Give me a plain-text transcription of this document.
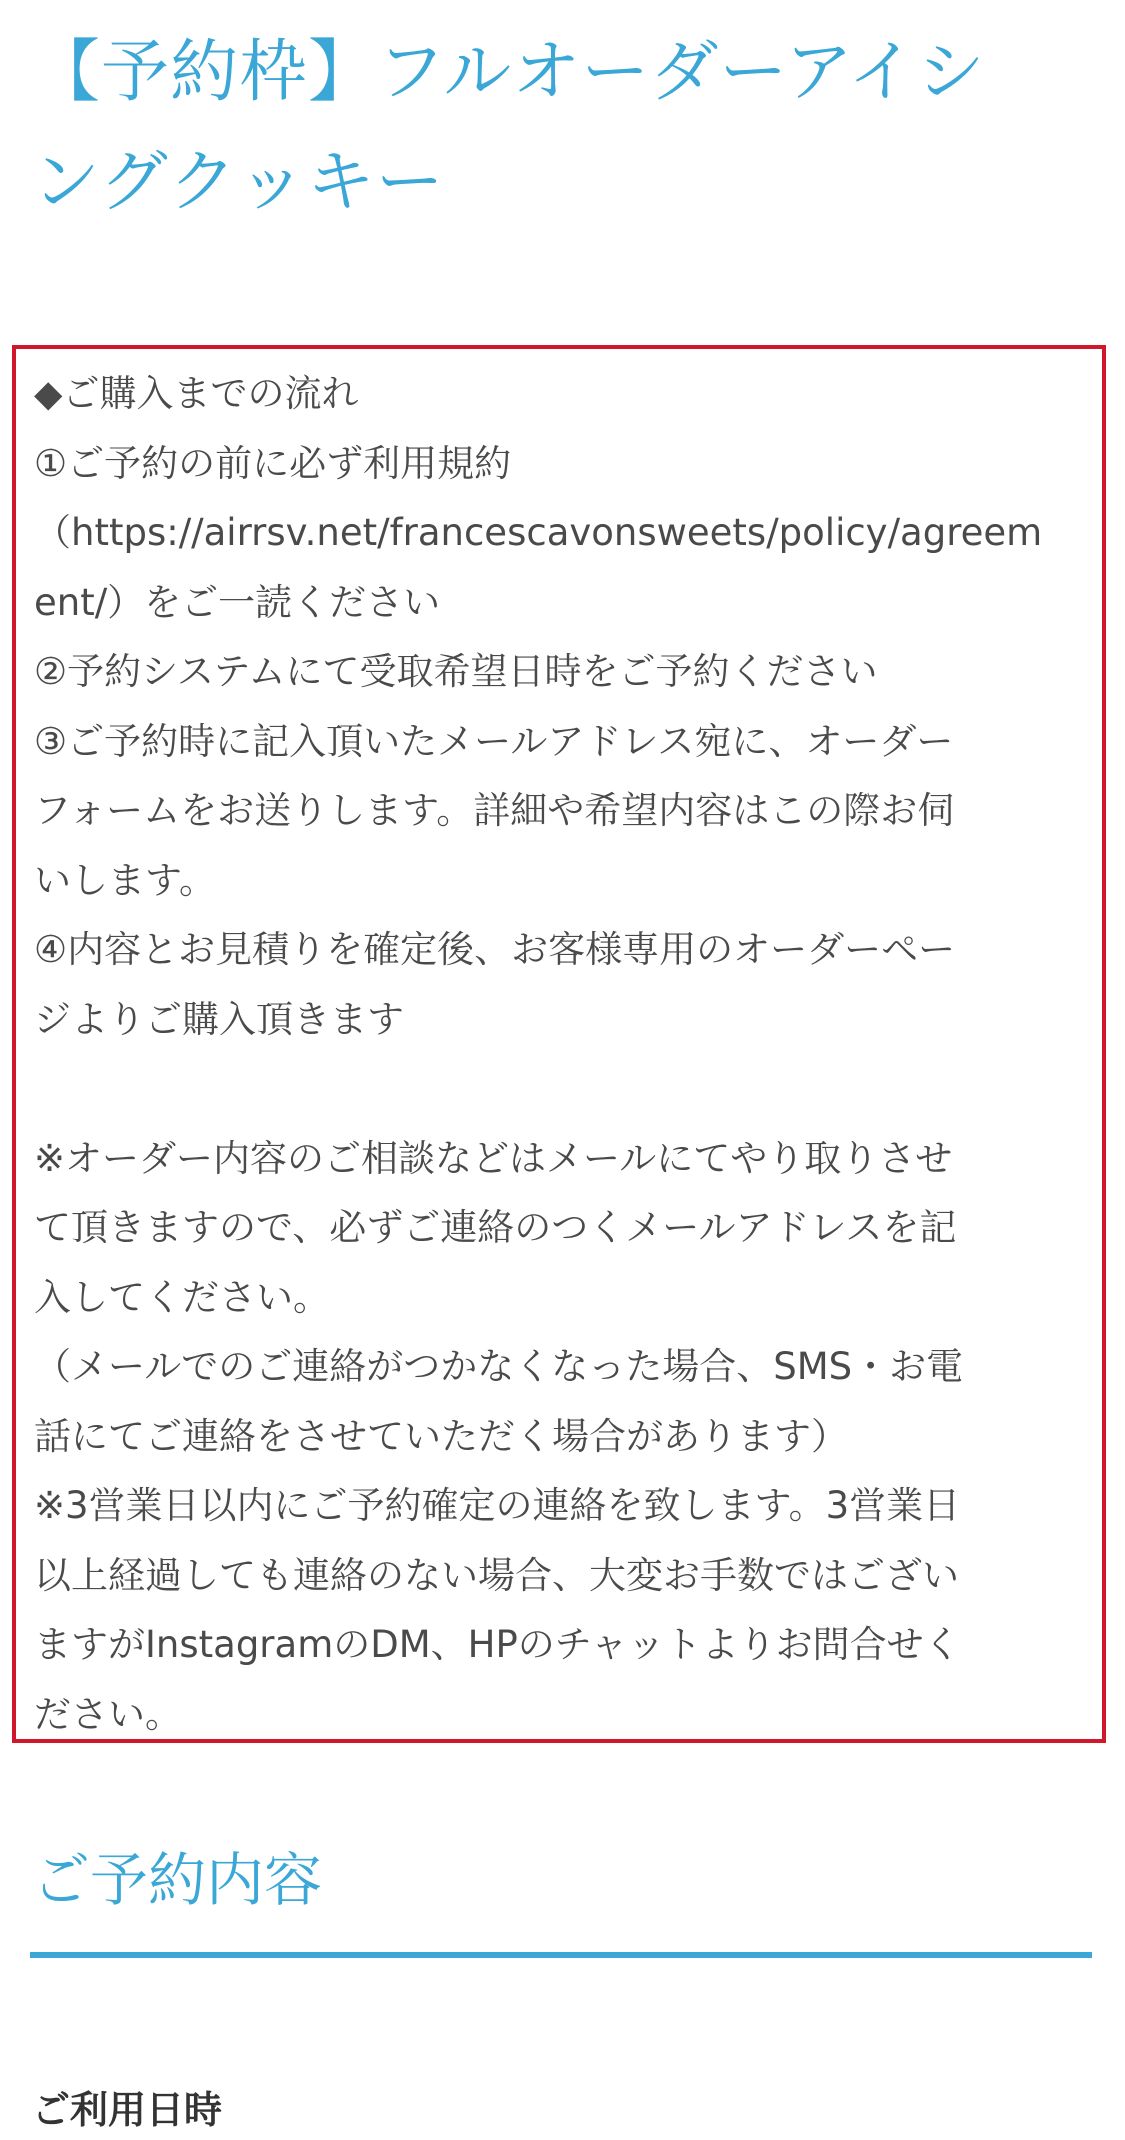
【予約枠】フルオーダーアイシ
ングクッキー
◆ご購入までの流れ
①ご予約の前に必ず利用規約
（https://airrsv.net/francescavonsweets/policy/agreem
ent/）をご一読ください
②予約システムにて受取希望日時をご予約ください
③ご予約時に記入頂いたメールアドレス宛に、オーダー
フォームをお送りします。詳細や希望内容はこの際お伺
いします。
④内容とお見積りを確定後、お客様専用のオーダーペー
ジよりご購入頂きます
※オーダー内容のご相談などはメールにてやり取りさせ
て頂きますので、必ずご連絡のつくメールアドレスを記
入してください。
（メールでのご連絡がつかなくなった場合、SMS・お電
話にてご連絡をさせていただく場合があります）
※3営業日以内にご予約確定の連絡を致します。3営業日
以上経過しても連絡のない場合、大変お手数ではござい
ますがInstagramのDM、HPのチャットよりお問合せく
ださい。
ご予約内容
ご利用日時
